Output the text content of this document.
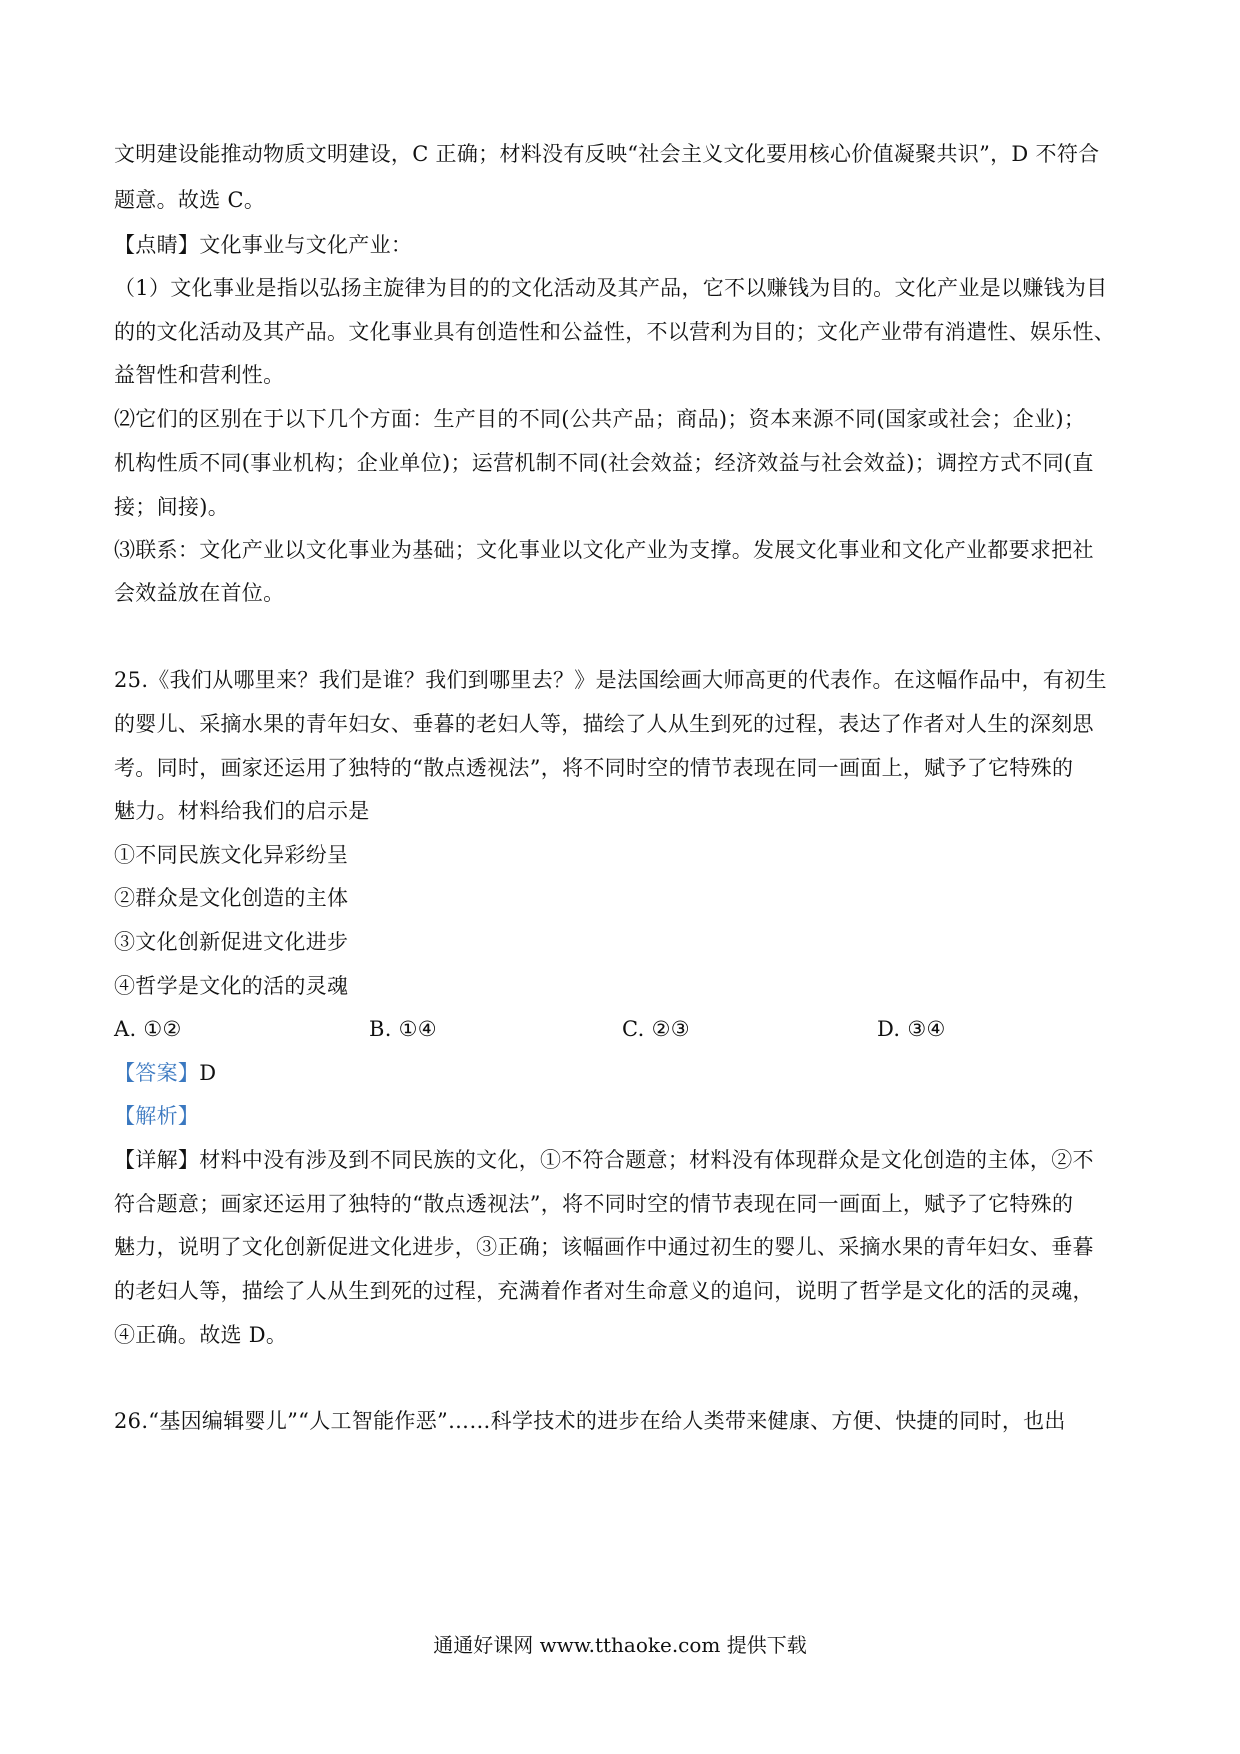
文明建设能推动物质文明建设，C 正确；材料没有反映“社会主义文化要用核心价值凝聚共识”，D 不符合
题意。故选 C。
【点睛】文化事业与文化产业：
（1）文化事业是指以弘扬主旋律为目的的文化活动及其产品，它不以赚钱为目的。文化产业是以赚钱为目
的的文化活动及其产品。文化事业具有创造性和公益性，不以营利为目的；文化产业带有消遣性、娱乐性、
益智性和营利性。
⑵它们的区别在于以下几个方面：生产目的不同(公共产品；商品)；资本来源不同(国家或社会；企业)；
机构性质不同(事业机构；企业单位)；运营机制不同(社会效益；经济效益与社会效益)；调控方式不同(直
接；间接)。
⑶联系：文化产业以文化事业为基础；文化事业以文化产业为支撑。发展文化事业和文化产业都要求把社
会效益放在首位。
25.《我们从哪里来？我们是谁？我们到哪里去？》是法国绘画大师高更的代表作。在这幅作品中，有初生
的婴儿、采摘水果的青年妇女、垂暮的老妇人等，描绘了人从生到死的过程，表达了作者对人生的深刻思
考。同时，画家还运用了独特的“散点透视法”，将不同时空的情节表现在同一画面上，赋予了它特殊的
魅力。材料给我们的启示是
①不同民族文化异彩纷呈
②群众是文化创造的主体
③文化创新促进文化进步
④哲学是文化的活的灵魂
A. ①②	B. ①④	C. ②③	D. ③④
【答案】D
【解析】
【详解】材料中没有涉及到不同民族的文化，①不符合题意；材料没有体现群众是文化创造的主体，②不
符合题意；画家还运用了独特的“散点透视法”，将不同时空的情节表现在同一画面上，赋予了它特殊的
魅力，说明了文化创新促进文化进步，③正确；该幅画作中通过初生的婴儿、采摘水果的青年妇女、垂暮
的老妇人等，描绘了人从生到死的过程，充满着作者对生命意义的追问，说明了哲学是文化的活的灵魂，
④正确。故选 D。
26.“基因编辑婴儿”“人工智能作恶”……科学技术的进步在给人类带来健康、方便、快捷的同时，也出
通通好课网 www.tthaoke.com 提供下载
